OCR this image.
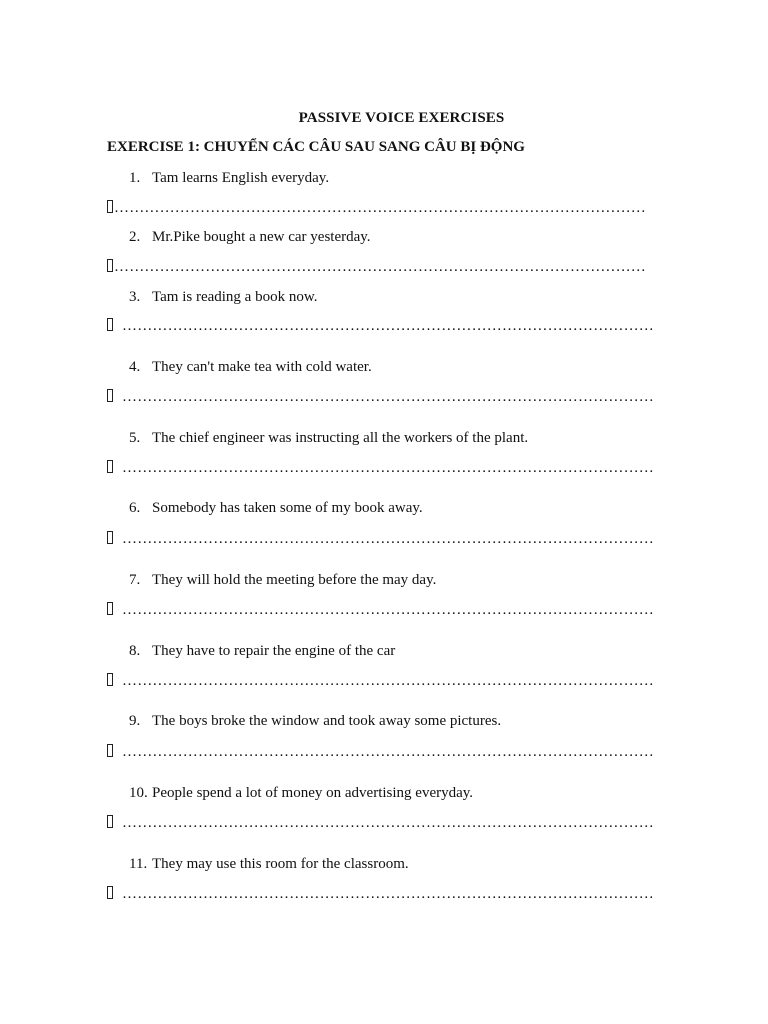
PASSIVE VOICE EXERCISES
EXERCISE 1: CHUYỂN CÁC CÂU SAU SANG CÂU BỊ ĐỘNG
1. Tam learns English everyday.
……………………………………………………………………………………………
2. Mr.Pike bought a new car yesterday.
……………………………………………………………………………………………
3. Tam is reading a book now.
……………………………………………………………………………………………
4. They can't make tea with cold water.
……………………………………………………………………………………………
5. The chief engineer was instructing all the workers of the plant.
……………………………………………………………………………………………
6. Somebody has taken some of my book away.
……………………………………………………………………………………………
7. They will hold the meeting before the may day.
……………………………………………………………………………………………
8. They have to repair the engine of the car
……………………………………………………………………………………………
9. The boys broke the window and took away some pictures.
……………………………………………………………………………………………
10. People spend a lot of money on advertising everyday.
……………………………………………………………………………………………
11. They may use this room for the classroom.
……………………………………………………………………………………………
